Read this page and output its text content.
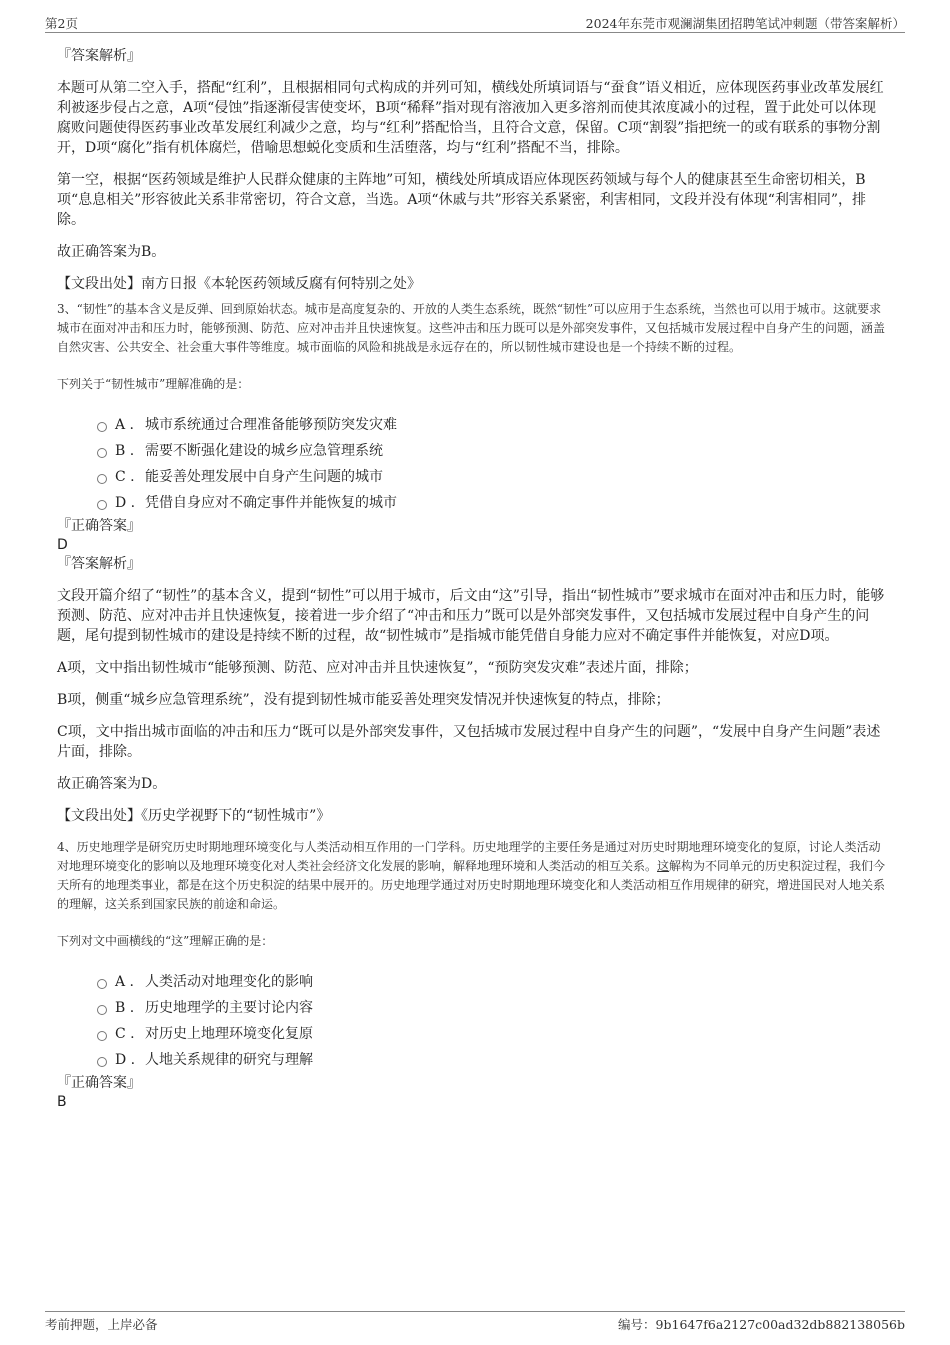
第2页	2024年东莞市观澜湖集团招聘笔试冲刺题（带答案解析）

『答案解析』

本题可从第二空入手，搭配“红利”，且根据相同句式构成的并列可知，横线处所填词语与“蚕食”语义相近，应体现医药事业改革发展红利被逐步侵占之意，A项“侵蚀”指逐渐侵害使变坏，B项“稀释”指对现有溶液加入更多溶剂而使其浓度减小的过程，置于此处可以体现腐败问题使得医药事业改革发展红利减少之意，均与“红利”搭配恰当，且符合文意，保留。C项“割裂”指把统一的或有联系的事物分割开，D项“腐化”指有机体腐烂，借喻思想蜕化变质和生活堕落，均与“红利”搭配不当，排除。

第一空，根据“医药领域是维护人民群众健康的主阵地”可知，横线处所填成语应体现医药领域与每个人的健康甚至生命密切相关，B项“息息相关”形容彼此关系非常密切，符合文意，当选。A项“休戚与共”形容关系紧密，利害相同，文段并没有体现“利害相同”，排除。

故正确答案为B。

【文段出处】南方日报《本轮医药领域反腐有何特别之处》

3、“韧性”的基本含义是反弹、回到原始状态。城市是高度复杂的、开放的人类生态系统，既然“韧性”可以应用于生态系统，当然也可以用于城市。这就要求城市在面对冲击和压力时，能够预测、防范、应对冲击并且快速恢复。这些冲击和压力既可以是外部突发事件，又包括城市发展过程中自身产生的问题，涵盖自然灾害、公共安全、社会重大事件等维度。城市面临的风险和挑战是永远存在的，所以韧性城市建设也是一个持续不断的过程。

下列关于“韧性城市”理解准确的是：

A . 城市系统通过合理准备能够预防突发灾难
B . 需要不断强化建设的城乡应急管理系统
C . 能妥善处理发展中自身产生问题的城市
D . 凭借自身应对不确定事件并能恢复的城市

『正确答案』

D

『答案解析』

文段开篇介绍了“韧性”的基本含义，提到“韧性”可以用于城市，后文由“这”引导，指出“韧性城市”要求城市在面对冲击和压力时，能够预测、防范、应对冲击并且快速恢复，接着进一步介绍了“冲击和压力”既可以是外部突发事件，又包括城市发展过程中自身产生的问题，尾句提到韧性城市的建设是持续不断的过程，故“韧性城市”是指城市能凭借自身能力应对不确定事件并能恢复，对应D项。

A项，文中指出韧性城市“能够预测、防范、应对冲击并且快速恢复”，“预防突发灾难”表述片面，排除；

B项，侧重“城乡应急管理系统”，没有提到韧性城市能妥善处理突发情况并快速恢复的特点，排除；

C项，文中指出城市面临的冲击和压力“既可以是外部突发事件，又包括城市发展过程中自身产生的问题”，“发展中自身产生问题”表述片面，排除。

故正确答案为D。

【文段出处】《历史学视野下的“韧性城市”》

4、历史地理学是研究历史时期地理环境变化与人类活动相互作用的一门学科。历史地理学的主要任务是通过对历史时期地理环境变化的复原，讨论人类活动对地理环境变化的影响以及地理环境变化对人类社会经济文化发展的影响，解释地理环境和人类活动的相互关系。这解构为不同单元的历史积淀过程，我们今天所有的地理类事业，都是在这个历史积淀的结果中展开的。历史地理学通过对历史时期地理环境变化和人类活动相互作用规律的研究，增进国民对人地关系的理解，这关系到国家民族的前途和命运。

下列对文中画横线的“这”理解正确的是：

A . 人类活动对地理变化的影响
B . 历史地理学的主要讨论内容
C . 对历史上地理环境变化复原
D . 人地关系规律的研究与理解

『正确答案』

B

考前押题，上岸必备	编号：9b1647f6a2127c00ad32db882138056b
